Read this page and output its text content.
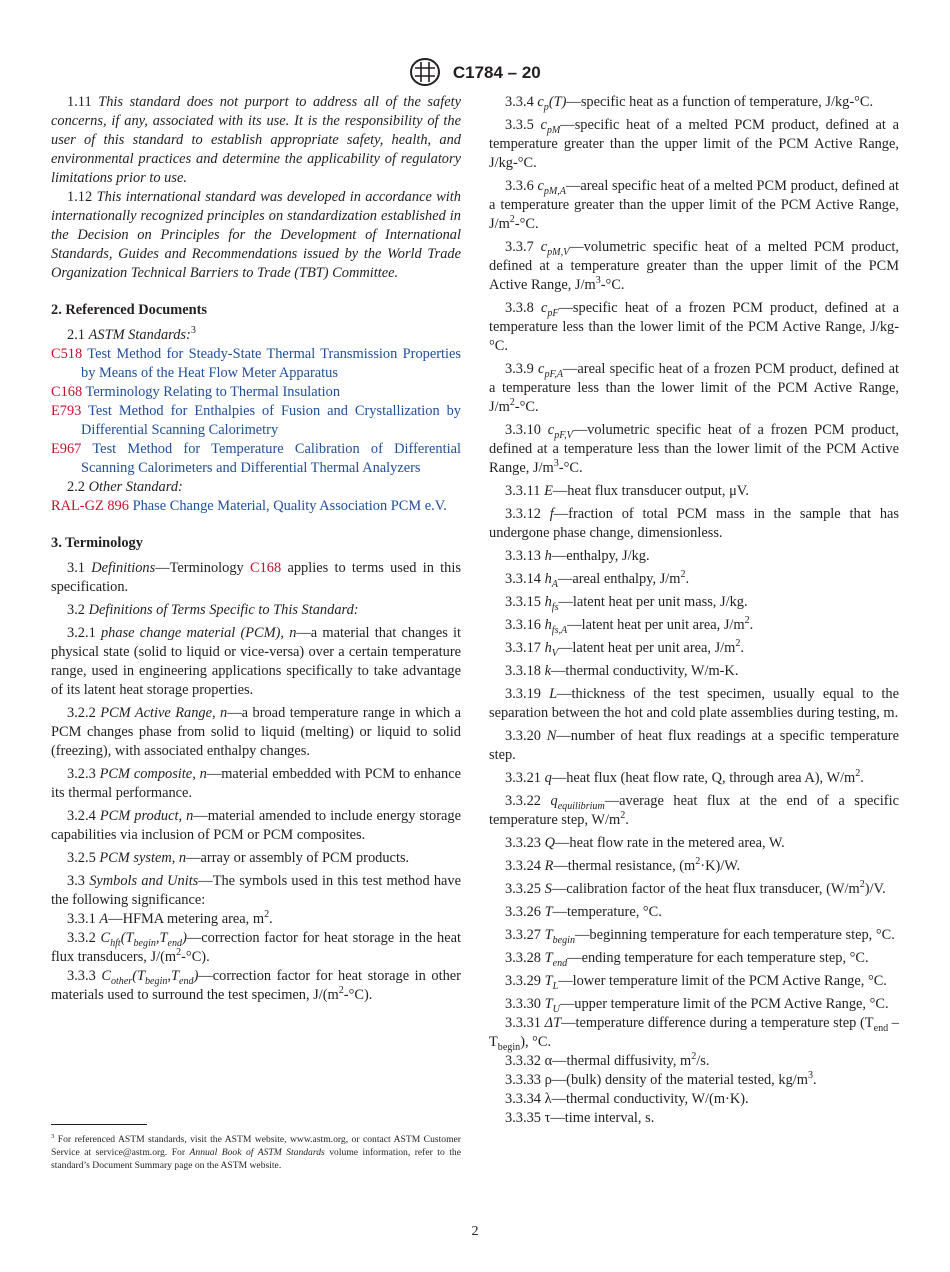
C1784 – 20

1.11 This standard does not purport to address all of the safety concerns, if any, associated with its use. It is the responsibility of the user of this standard to establish appropriate safety, health, and environmental practices and determine the applicability of regulatory limitations prior to use.

1.12 This international standard was developed in accordance with internationally recognized principles on standardization established in the Decision on Principles for the Development of International Standards, Guides and Recommendations issued by the World Trade Organization Technical Barriers to Trade (TBT) Committee.

2. Referenced Documents

2.1 ASTM Standards:$^3$

C518 Test Method for Steady-State Thermal Transmission Properties by Means of the Heat Flow Meter Apparatus

C168 Terminology Relating to Thermal Insulation

E793 Test Method for Enthalpies of Fusion and Crystallization by Differential Scanning Calorimetry

E967 Test Method for Temperature Calibration of Differential Scanning Calorimeters and Differential Thermal Analyzers

2.2 Other Standard:

RAL-GZ 896 Phase Change Material, Quality Association PCM e.V.

3. Terminology

3.1 Definitions—Terminology C168 applies to terms used in this specification.

3.2 Definitions of Terms Specific to This Standard:

3.2.1 phase change material (PCM), n—a material that changes it physical state (solid to liquid or vice-versa) over a certain temperature range, used in engineering applications specifically to take advantage of its latent heat storage properties.

3.2.2 PCM Active Range, n—a broad temperature range in which a PCM changes phase from solid to liquid (melting) or liquid to solid (freezing), with associated enthalpy changes.

3.2.3 PCM composite, n—material embedded with PCM to enhance its thermal performance.

3.2.4 PCM product, n—material amended to include energy storage capabilities via inclusion of PCM or PCM composites.

3.2.5 PCM system, n—array or assembly of PCM products.

3.3 Symbols and Units—The symbols used in this test method have the following significance:

3.3.1 A—HFMA metering area, $m^2$.

3.3.2 $C_{hft}(T_{begin},T_{end})—correction$ factor for heat storage in the heat flux transducers, $J/(m^2-^\circ C)$.

3.3.3 $C_{other}(T_{begin},T_{end})—correction$ factor for heat storage in other materials used to surround the test specimen, $J/(m^2-^\circ C)$.

$^3$ For referenced ASTM standards, visit the ASTM website, www.astm.org, or contact ASTM Customer Service at service@astm.org. For Annual Book of ASTM Standards volume information, refer to the standard’s Document Summary page on the ASTM website.

3.3.4 $c_p(T)—specific$ heat as a function of temperature, J/kg-°C.

3.3.5 $c_{pM}—specific$ heat of a melted PCM product, defined at a temperature greater than the upper limit of the PCM Active Range, J/kg-°C.

3.3.6 $c_{pM,A}—areal$ specific heat of a melted PCM product, defined at a temperature greater than the upper limit of the PCM Active Range, $J/m^2-^\circ C$.

3.3.7 $c_{pM,V}—volumetric$ specific heat of a melted PCM product, defined at a temperature greater than the upper limit of the PCM Active Range, $J/m^3-^\circ C$.

3.3.8 $c_{pF}—specific$ heat of a frozen PCM product, defined at a temperature less than the lower limit of the PCM Active Range, J/kg-°C.

3.3.9 $c_{pF,A}—areal$ specific heat of a frozen PCM product, defined at a temperature less than the lower limit of the PCM Active Range, $J/m^2-^\circ C$.

3.3.10 $c_{pF,V}—volumetric$ specific heat of a frozen PCM product, defined at a temperature less than the lower limit of the PCM Active Range, $J/m^3-^\circ C$.

3.3.11 E—heat flux transducer output, μV.

3.3.12 f—fraction of total PCM mass in the sample that has undergone phase change, dimensionless.

3.3.13 h—enthalpy, J/kg.

3.3.14 $h_A—areal$ enthalpy, $J/m^2$.

3.3.15 $h_{fs}—latent$ heat per unit mass, J/kg.

3.3.16 $h_{fs,A}—latent$ heat per unit area, $J/m^2$.

3.3.17 $h_V—latent$ heat per unit area, $J/m^2$.

3.3.18 k—thermal conductivity, W/m-K.

3.3.19 L—thickness of the test specimen, usually equal to the separation between the hot and cold plate assemblies during testing, m.

3.3.20 N—number of heat flux readings at a specific temperature step.

3.3.21 q—heat flux (heat flow rate, Q, through area A), $W/m^2$.

3.3.22 $q_{equilibrium}—average$ heat flux at the end of a specific temperature step, $W/m^2$.

3.3.23 Q—heat flow rate in the metered area, W.

3.3.24 R—thermal resistance, $(m^2\cdot K)/W$.

3.3.25 S—calibration factor of the heat flux transducer, $(W/m^2)/V$.

3.3.26 T—temperature, °C.

3.3.27 $T_{begin}—beginning$ temperature for each temperature step, °C.

3.3.28 $T_{end}—ending$ temperature for each temperature step, °C.

3.3.29 $T_L—lower$ temperature limit of the PCM Active Range, °C.

3.3.30 $T_U—upper$ temperature limit of the PCM Active Range, °C.

3.3.31 ΔT—temperature difference during a temperature step $(T_{end} - T_{begin})$, °C.

3.3.32 α—thermal diffusivity, $m^2/s$.

3.3.33 ρ—(bulk) density of the material tested, $kg/m^3$.

3.3.34 λ—thermal conductivity, W/(m·K).

3.3.35 τ—time interval, s.

2
